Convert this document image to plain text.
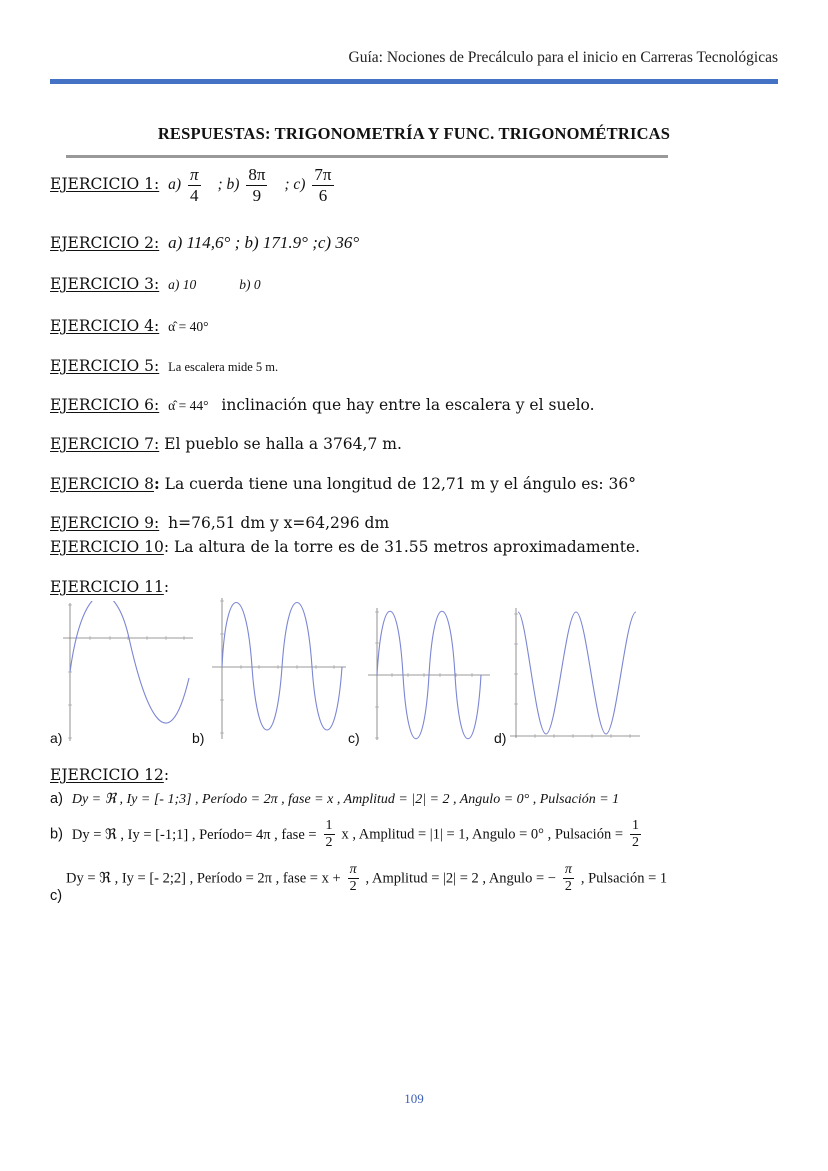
Guía: Nociones de Precálculo para el inicio en Carreras Tecnológicas
RESPUESTAS: TRIGONOMETRÍA Y FUNC. TRIGONOMÉTRICAS
EJERCICIO 1: $a) \frac{\pi}{4}$ ; $b) \frac{8\pi}{9}$ ; $c) \frac{7\pi}{6}$
EJERCICIO 2: a) 114,6° ; b) 171.9° ;c) 36°
EJERCICIO 3: a) 10	b) 0
EJERCICIO 4: α̂ = 40°
EJERCICIO 5: La escalera mide 5 m.
EJERCICIO 6: α̂ = 44° inclinación que hay entre la escalera y el suelo.
EJERCICIO 7: El pueblo se halla a 3764,7 m.
EJERCICIO 8: La cuerda tiene una longitud de 12,71 m y el ángulo es: 36°
EJERCICIO 9: h=76,51 dm y x=64,296 dm
EJERCICIO 10: La altura de la torre es de 31.55 metros aproximadamente.
EJERCICIO 11:
a)	b)	c)	d)
EJERCICIO 12:
a) Dy = ℜ , Iy = [- 1;3] , Período = 2π , fase = x , Amplitud = |2| = 2 , Angulo = 0° , Pulsación = 1
b) Dy = ℜ , Iy = [-1;1] , Período= 4π , fase = $\frac{1}{2}$ x , Amplitud = |1| = 1, Angulo = 0° , Pulsación = $\frac{1}{2}$
Dy = ℜ , Iy = [- 2;2] , Período = 2π , fase = $x + \frac{\pi}{2}$ , Amplitud = |2| = 2 , Angulo = − $\frac{\pi}{2}$ , Pulsación = 1
c)
109
